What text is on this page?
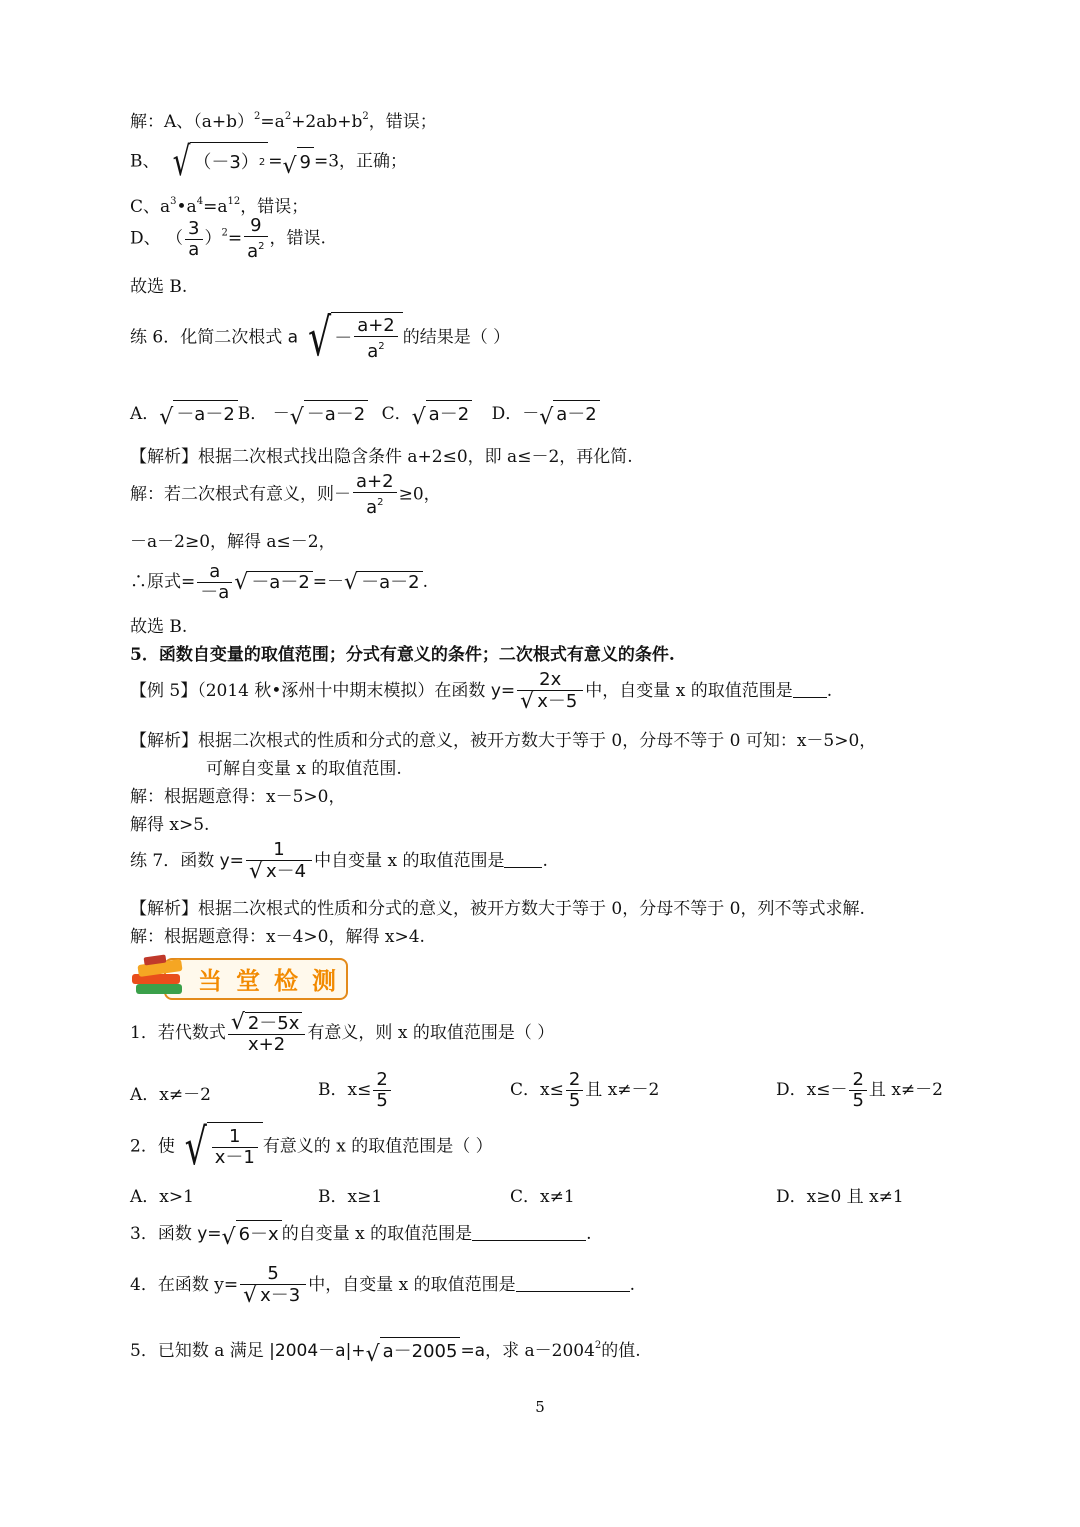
解：A、$(a+b)^2=a^2+2ab+b^2$，错误；
B、 √ （－3） 2 = √ 9 =3，正确；
C、$a^3•a^4=a^{12}$，错误；
D、 （ $\frac{3}{a} )^2= \frac{9}{a^2}$ ，错误.
故选 B.
练 6．化简二次根式 a √ － $\frac{a+2}{a^2}$ 的结果是（ ）
A． √ －a－2 B． － √ －a－2 C． √ a－2 D．－ √ a－2
【解析】根据二次根式找出隐含条件 a+2≤0，即 a≤－2，再化简.
解：若二次根式有意义，则－ $\frac{a+2}{a^2} \ge 0$，
－a－2≥0，解得 a≤－2，
∴原式= $\frac{a}{-a}$ √ －a－2 =－ √ －a－2 .
故选 B.
5．函数自变量的取值范围；分式有意义的条件；二次根式有意义的条件.
【例 5】（2014 秋•涿州十中期末模拟）在函数 $y= \frac{2x}{√ x-5}$ 中，自变量 x 的取值范围是 .
【解析】根据二次根式的性质和分式的意义，被开方数大于等于 0，分母不等于 0 可知：x－5>0，
可解自变量 x 的取值范围.
解：根据题意得：x－5>0，
解得 x>5.
练 7．函数 $y= \frac{1}{√ x-4}$ 中自变量 x 的取值范围是 .
【解析】根据二次根式的性质和分式的意义，被开方数大于等于 0，分母不等于 0，列不等式求解.
解：根据题意得：x－4>0，解得 x>4.
当堂检测
1．若代数式 $\frac{√ 2-5x}{x+2}$ 有意义，则 x 的取值范围是（ ）
A．x≠－2	B．$x\le \frac{2}{5}$	C．$x\le \frac{2}{5}$ 且 x≠－2	D．$x\le- \frac{2}{5}$ 且 x≠－2
2．使 √ $\frac{1}{x-1}$ 有意义的 x 的取值范围是（ ）
A．x>1	B．x≥1	C．x≠1	D．x≥0 且 x≠1
3．函数 y= √ 6－x 的自变量 x 的取值范围是	.
4．在函数 $y= \frac{5}{√ x-3}$ 中，自变量 x 的取值范围是	.
5．已知数 a 满足 |2004－a|+ √ a－2005 =a，求 $a-2004^2$的值.
5
